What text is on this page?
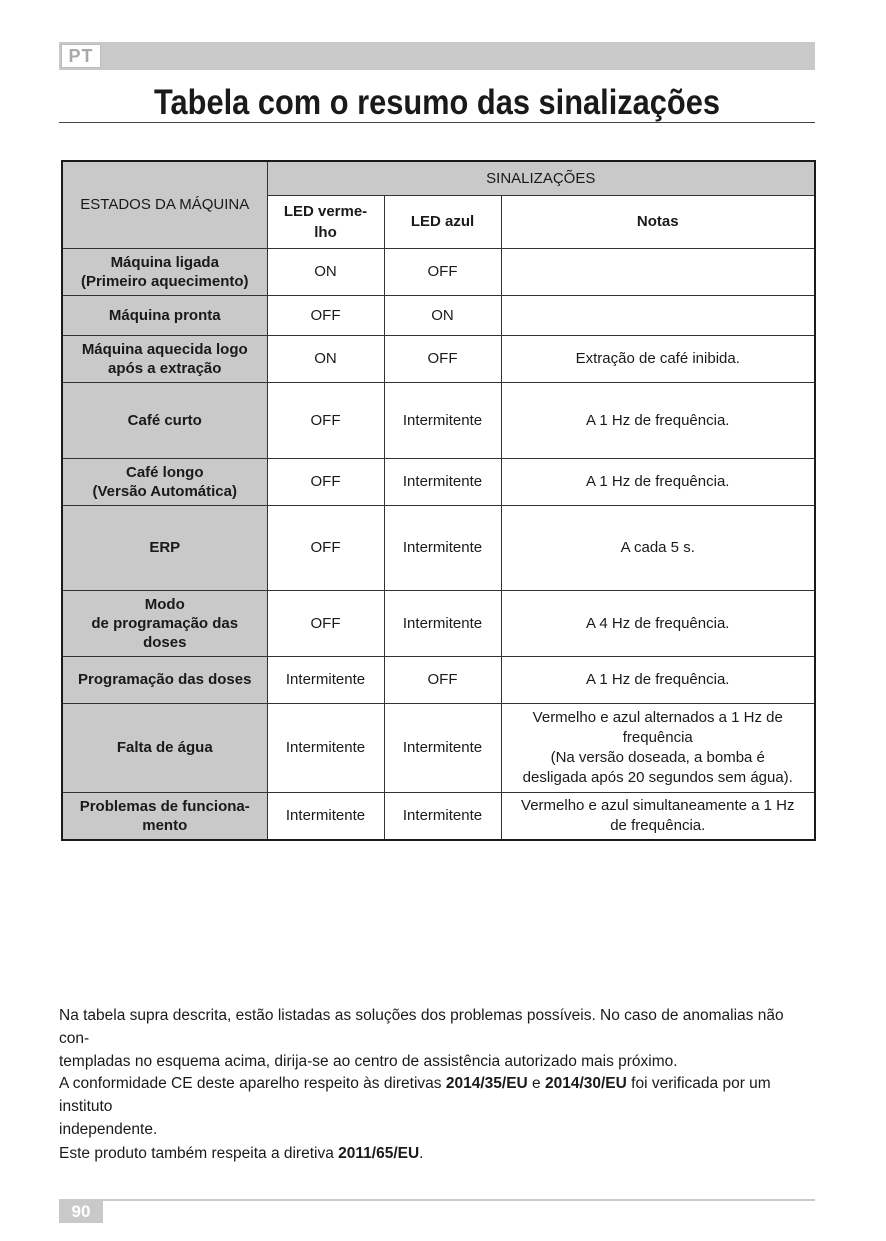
PT
Tabela com o resumo das sinalizações
ESTADOS DA MÁQUINA	SINALIZAÇÕES		
	LED verme-
lho	LED azul	Notas
Máquina ligada
(Primeiro aquecimento)	ON	OFF	
Máquina pronta	OFF	ON	
Máquina aquecida logo
após a extração	ON	OFF	Extração de café inibida.
Café curto	OFF	Intermitente	A 1 Hz de frequência.
Café longo
(Versão Automática)	OFF	Intermitente	A 1 Hz de frequência.
ERP	OFF	Intermitente	A cada 5 s.
Modo
de programação das
doses	OFF	Intermitente	A 4 Hz de frequência.
Programação das doses	Intermitente	OFF	A 1 Hz de frequência.
Falta de água	Intermitente	Intermitente	Vermelho e azul alternados a 1 Hz de
frequência
(Na versão doseada, a bomba é
desligada após 20 segundos sem água).
Problemas de funciona-
mento	Intermitente	Intermitente	Vermelho e azul simultaneamente a 1 Hz
de frequência.
Na tabela supra descrita, estão listadas as soluções dos problemas possíveis. No caso de anomalias não con-
templadas no esquema acima, dirija-se ao centro de assistência autorizado mais próximo.
A conformidade CE deste aparelho respeito às diretivas 2014/35/EU e 2014/30/EU foi verificada por um instituto
independente.
Este produto também respeita a diretiva 2011/65/EU.
90
